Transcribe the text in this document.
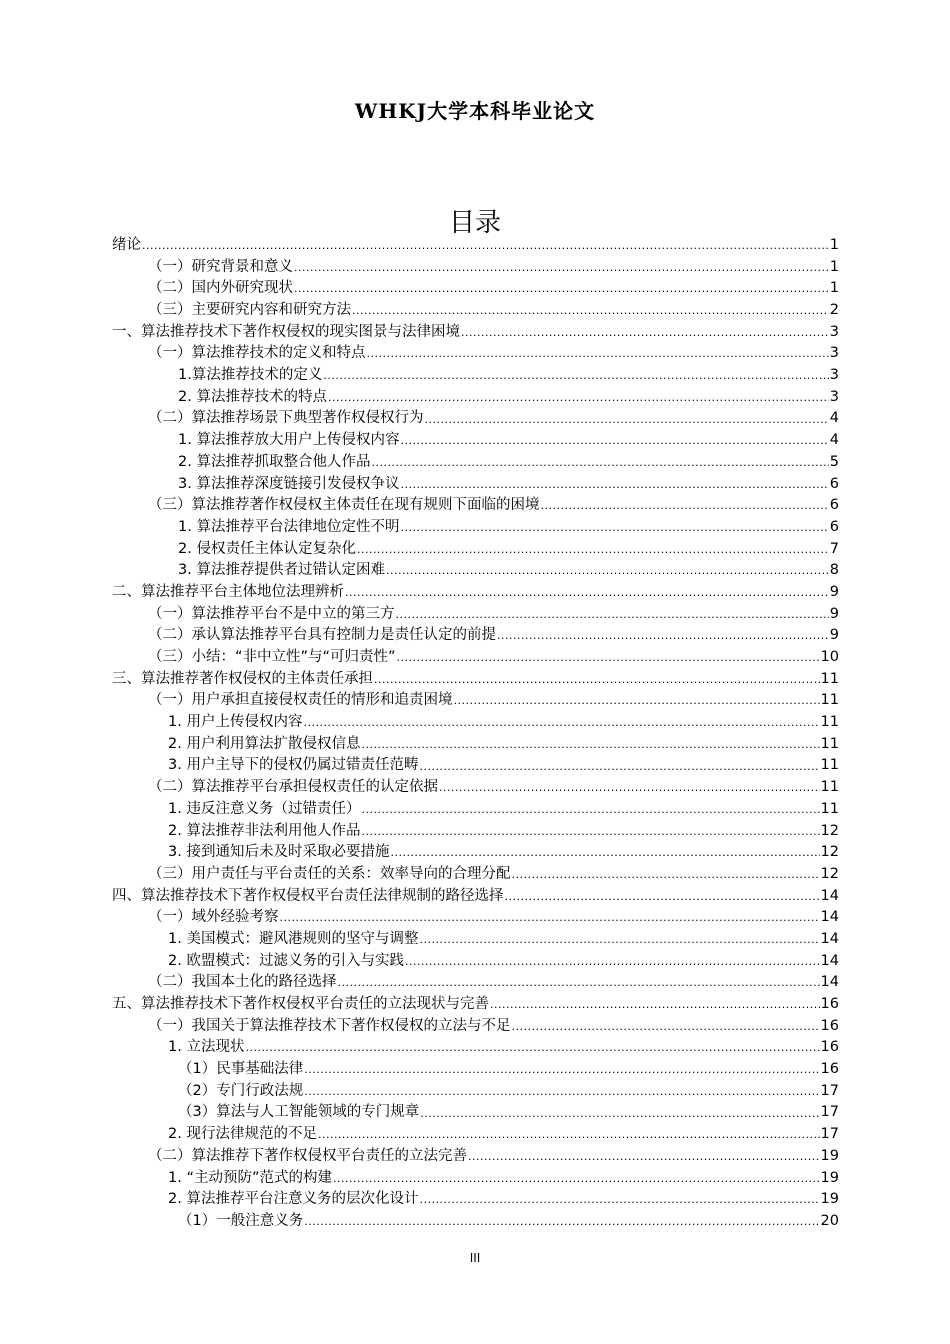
WHKJ大学本科毕业论文
目录
绪论 .....	1
（一）研究背景和意义 .....	1
（二）国内外研究现状 .....	1
（三）主要研究内容和研究方法 .....	2
一、算法推荐技术下著作权侵权的现实图景与法律困境 .....	3
（一）算法推荐技术的定义和特点 .....	3
1.算法推荐技术的定义 .....	3
2. 算法推荐技术的特点 .....	3
（二）算法推荐场景下典型著作权侵权行为 .....	4
1. 算法推荐放大用户上传侵权内容 .....	4
2. 算法推荐抓取整合他人作品 .....	5
3. 算法推荐深度链接引发侵权争议 .....	6
（三）算法推荐著作权侵权主体责任在现有规则下面临的困境 .....	6
1. 算法推荐平台法律地位定性不明 .....	6
2. 侵权责任主体认定复杂化 .....	7
3. 算法推荐提供者过错认定困难 .....	8
二、算法推荐平台主体地位法理辨析 .....	9
（一）算法推荐平台不是中立的第三方 .....	9
（二）承认算法推荐平台具有控制力是责任认定的前提 .....	9
（三）小结：“非中立性”与“可归责性” .....	10
三、算法推荐著作权侵权的主体责任承担 .....	11
（一）用户承担直接侵权责任的情形和追责困境 .....	11
1. 用户上传侵权内容 .....	11
2. 用户利用算法扩散侵权信息 .....	11
3. 用户主导下的侵权仍属过错责任范畴 .....	11
（二）算法推荐平台承担侵权责任的认定依据 .....	11
1. 违反注意义务（过错责任） .....	11
2. 算法推荐非法利用他人作品 .....	12
3. 接到通知后未及时采取必要措施 .....	12
（三）用户责任与平台责任的关系：效率导向的合理分配 .....	12
四、算法推荐技术下著作权侵权平台责任法律规制的路径选择 .....	14
（一）域外经验考察 .....	14
1. 美国模式：避风港规则的坚守与调整 .....	14
2. 欧盟模式：过滤义务的引入与实践 .....	14
（二）我国本土化的路径选择 .....	14
五、算法推荐技术下著作权侵权平台责任的立法现状与完善 .....	16
（一）我国关于算法推荐技术下著作权侵权的立法与不足 .....	16
1. 立法现状 .....	16
（1）民事基础法律 .....	16
（2）专门行政法规 .....	17
（3）算法与人工智能领域的专门规章 .....	17
2. 现行法律规范的不足 .....	17
（二）算法推荐下著作权侵权平台责任的立法完善 .....	19
1. “主动预防”范式的构建 .....	19
2. 算法推荐平台注意义务的层次化设计 .....	19
（1）一般注意义务 .....	20
III
